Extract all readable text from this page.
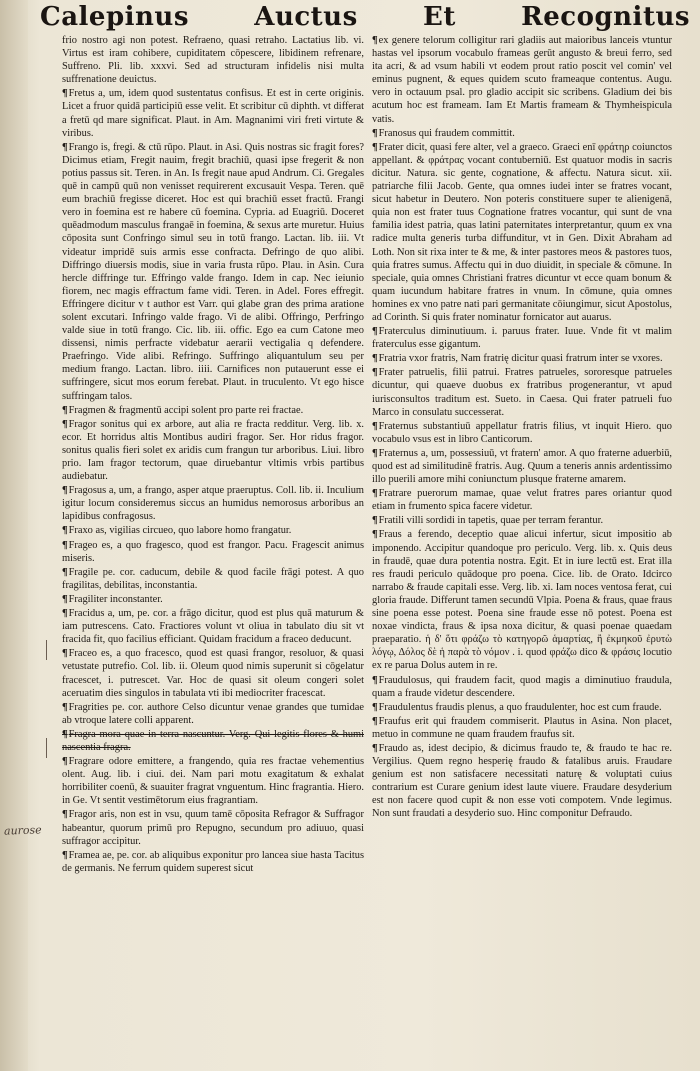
Calepinus	Auctus	Et	Recognitus
aurose

frio nostro agi non potest. Refraeno, quasi retraho. Lactatius lib. vi. Virtus est iram cohibere, cupiditatem cōpescere, libidinem refrenare, Suffreno. Pli. lib. xxxvi. Sed ad structuram infidelis nisi multa suffrenatione deuictus.

¶Fretus a, um, idem quod sustentatus confisus. Et est in certe originis. Licet a fruor quidā participiū esse velit. Et scribitur cū diphth. vt differat a fretū qd mare significat. Plaut. in Am. Magnanimi viri freti virtute & viribus.

¶Frango is, fregi. & ctū rūpo. Plaut. in Asi. Quis nostras sic fragit fores? Dicimus etiam, Fregit nauim, fregit brachiū, quasi ipse fregerit & non potius passus sit. Teren. in An. Is fregit naue apud Andrum. Ci. Gregales quē in campū quū non venisset requirerent excusauit Vespa. Teren. quē eum brachiū fregisse diceret. Hoc est qui brachiū esset fractū. Frangi vero in foemina est re habere cū foemina. Cypria. ad Euagriū. Doceret quēadmodum masculus frangaē in foemina, & sexus arte muretur. Huius cōposita sunt Confringo simul seu in totū frango. Lactan. lib. iii. Vt videatur impridē suis armis esse confracta. Defringo de quo alibi. Diffringo diuersis modis, siue in varia frusta rūpo. Plau. in Asin. Cura hercle diffringe tur. Effringo valde frango. Idem in cap. Nec ieiunio fiorem, nec magis effractum fame vidi. Teren. in Adel. Fores effregit. Effringere dicitur v t author est Varr. qui glabe gran des prima aratione solent excutari. Infringo valde frago. Vi de alibi. Offringo, Perfringo valde siue in totū frango. Cic. lib. iii. offic. Ego ea cum Catone meo dissensi, nimis perfracte videbatur aerarii vectigalia q defendere. Praefringo. Vide alibi. Refringo. Suffringo aliquantulum seu per medium frango. Lactan. libro. iiii. Carnifices non putauerunt esse ei suffringere, sicut mos eorum ferebat. Plaut. in truculento. Vt ego hisce suffringam talos.

¶Fragmen & fragmentū accipi solent pro parte rei fractae.

¶Fragor sonitus qui ex arbore, aut alia re fracta redditur. Verg. lib. x. ecor. Et horridus altis Montibus audiri fragor. Ser. Hor ridus fragor. sonitus qualis fieri solet ex aridis cum frangun tur arboribus. Liui. libro prio. Iam fragor tectorum, quae diruebantur vltimis vrbis partibus audiebatur.

¶Fragosus a, um, a frango, asper atque praeruptus. Coll. lib. ii. Inculium igitur locum consideremus siccus an humidus nemorosus arboribus an lapidibus confragosus.

¶Fraxo as, vigilias circueo, quo labore homo frangatur.

¶Frageo es, a quo fragesco, quod est frangor. Pacu. Fragescit animus miseris.

¶Fragile pe. cor. caducum, debile & quod facile frāgi potest. A quo fragilitas, debilitas, inconstantia.

¶Fragiliter inconstanter.

¶Fracidus a, um, pe. cor. a frāgo dicitur, quod est plus quā maturum & iam putrescens. Cato. Fractiores volunt vt oliua in tabulato diu sit vt fracida fit, quo facilius efficiant. Quidam fracidum a fraceo deducunt.

¶Fraceo es, a quo fracesco, quod est quasi frangor, resoluor, & quasi vetustate putrefio. Col. lib. ii. Oleum quod nimis superunit si cōgelatur fracescet, i. putrescet. Var. Hoc de quasi sit oleum congeri solet aceruatim dies singulos in tabulata vti ibi mediocriter fracescat.

¶Fragrities pe. cor. authore Celso dicuntur venae grandes que tumidae ab vtroque latere colli apparent.

¶Fragra mora quae in terra nascuntur. Verg. Qui legitis flores & humi nascentia fragra.

¶Fragrare odore emittere, a frangendo, quia res fractae vehementius olent. Aug. lib. i ciui. dei. Nam pari motu exagitatum & exhalat horribiliter coenū, & suauiter fragrat vnguentum. Hinc fragrantia. Hiero. in Ge. Vt sentit vestimētorum eius fragrantiam.

¶Fragor aris, non est in vsu, quum tamē cōposita Refragor & Suffragor habeantur, quorum primū pro Repugno, secundum pro adiuuo, quasi suffragor accipitur.

¶Framea ae, pe. cor. ab aliquibus exponitur pro lancea siue hasta Tacitus de germanis. Ne ferrum quidem superest sicut

¶ex genere telorum colligitur rari gladiis aut maioribus lanceis vtuntur hastas vel ipsorum vocabulo frameas gerūt angusto & breui ferro, sed ita acri, & ad vsum habili vt eodem prout ratio poscit vel comin' vel eminus pugnent, & eques quidem scuto frameaque contentus. Augu. vero in octauum psal. pro gladio accipit sic scribens. Gladium dei bis acutum hoc est frameam. Iam Et Martis frameam & Thymheispicula vatis.

¶Franosus qui fraudem committit.

¶Frater dicit, quasi fere alter, vel a graeco. Graeci enī φράτηρ coiunctos appellant. & φράτρας vocant contuberniū. Est quatuor modis in sacris dicitur. Natura. sic gente, cognatione, & affectu. Natura sicut. xii. patriarche filii Jacob. Gente, qua omnes iudei inter se fratres vocant, sicut habetur in Deutero. Non poteris constituere super te alienigenā, quia non est frater tuus Cognatione fratres vocantur, qui sunt de vna familia idest patria, quas latini paternitates interpretantur, quum ex vna radice multa generis turba diffunditur, vt in Gen. Dixit Abraham ad Loth. Non sit rixa inter te & me, & inter pastores meos & pastores tuos, quia fratres sumus. Affectu qui in duo diuidit, in speciale & cōmune. In speciale, quia omnes Christiani fratres dicuntur vt ecce quam bonum & quam iucundum habitare fratres in vnum. In cōmune, quia omnes homines ex vno patre nati pari germanitate cōiungimur, sicut Apostolus, ad Corinth. Si quis frater nominatur fornicator aut auarus.

¶Fraterculus diminutiuum. i. paruus frater. Iuue. Vnde fit vt malim fraterculus esse gigantum.

¶Fratria vxor fratris, Nam fratrię dicitur quasi fratrum inter se vxores.

¶Frater patruelis, filii patrui. Fratres patrueles, sororesque patrueles dicuntur, qui quaeve duobus ex fratribus progenerantur, vt apud iurisconsultos traditum est. Sueto. in Caesa. Qui frater patrueli fuo Marco in consulatu successerat.

¶Fraternus substantiuū appellatur fratris filius, vt inquit Hiero. quo vocabulo vsus est in libro Canticorum.

¶Fraternus a, um, possessiuū, vt fratern' amor. A quo fraterne aduerbiū, quod est ad similitudinē fratris. Aug. Quum a teneris annis ardentissimo illo puerili amore mihi coniunctum plusque fraterne amarem.

¶Fratrare puerorum mamae, quae velut fratres pares oriantur quod etiam in frumento spica facere videtur.

¶Fratili villi sordidi in tapetis, quae per terram ferantur.

¶Fraus a ferendo, deceptio quae alicui infertur, sicut impositio ab imponendo. Accipitur quandoque pro periculo. Verg. lib. x. Quis deus in fraudē, quae dura potentia nostra. Egit. Et in iure lectū est. Erat illa res fraudi periculo quādoque pro poena. Cice. lib. de Orato. Idcirco narrabo & fraude capitali esse. Verg. lib. xi. Iam noces ventosa ferat, cui gloria fraude. Differunt tamen secundū Vlpia. Poena & fraus, quae fraus sine poena esse potest. Poena sine fraude esse nō potest. Poena est noxae vindicta, fraus & ipsa noxa dicitur, & quasi poenae quaedam praeparatio. ἡ δ' ὅτι φράζω τὸ κατηγορῶ ἁμαρτίας, ἢ ἐκμηκοῦ ἐρυτὼ λόγῳ, Δόλος δὲ ἡ παρὰ τὸ νόμον . i. quod φράζω dico & φράσις locutio ex re parua Dolus autem in re.

¶Fraudulosus, qui fraudem facit, quod magis a diminutiuo fraudula, quam a fraude videtur descendere.

¶Fraudulentus fraudis plenus, a quo fraudulenter, hoc est cum fraude.

¶Fraufus erit qui fraudem commiserit. Plautus in Asina. Non placet, metuo in commune ne quam fraudem fraufus sit.

¶Fraudo as, idest decipio, & dicimus fraudo te, & fraudo te hac re. Vergilius. Quem regno hesperię fraudo & fatalibus aruis. Fraudare genium est non satisfacere necessitati naturę & voluptati cuius contrarium est Curare genium idest laute viuere. Fraudare desyderium est non facere quod cupit & non esse voti compotem. Vnde legimus. Non sunt fraudati a desyderio suo. Hinc componitur Defraudo.
